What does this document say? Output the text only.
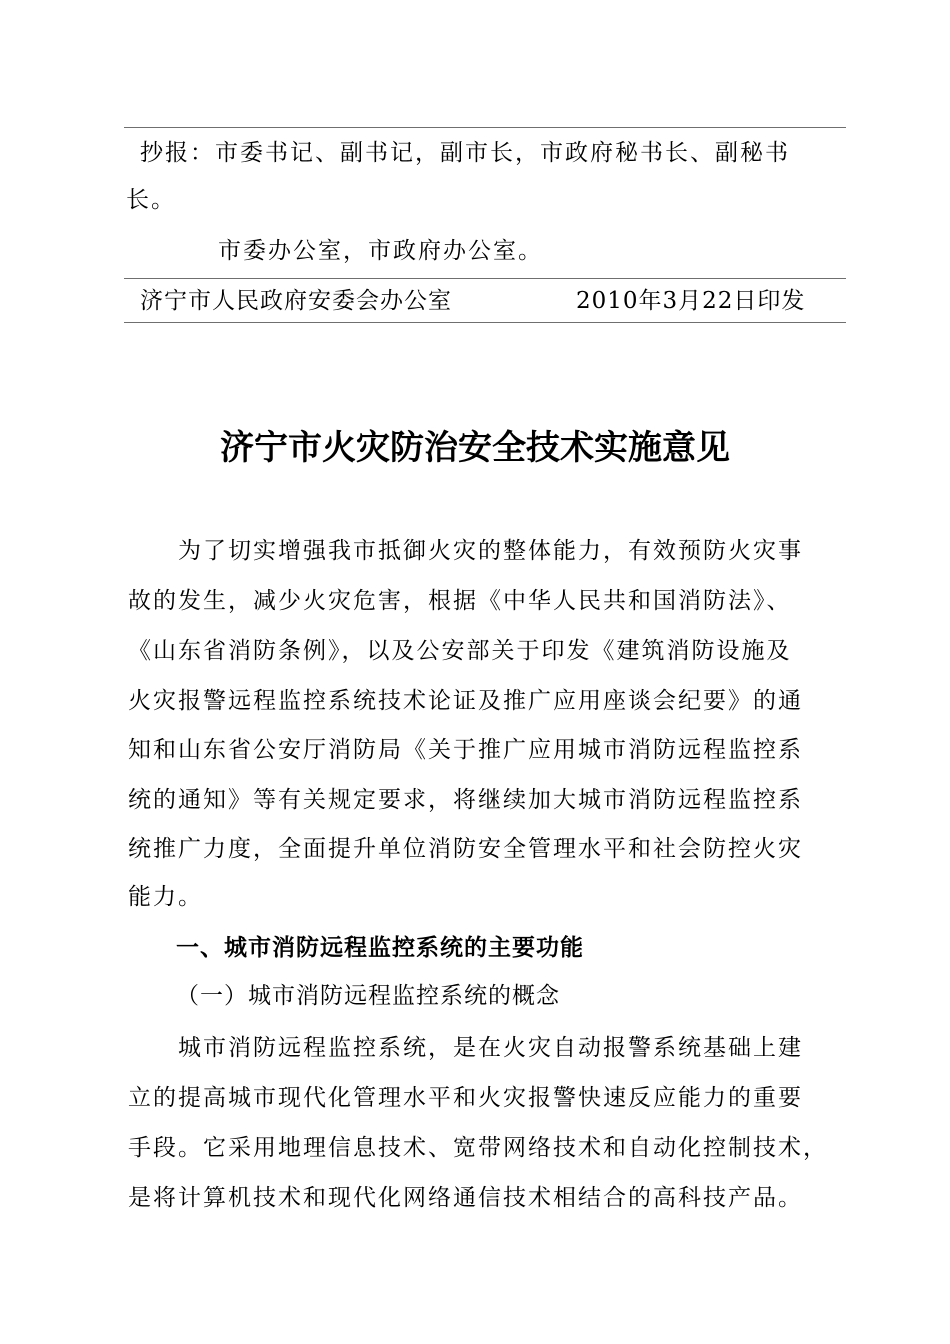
抄报：市委书记、副书记，副市长，市政府秘书长、副秘书
长。
市委办公室，市政府办公室。
济宁市人民政府安委会办公室	2010年3月22日印发
济宁市火灾防治安全技术实施意见
为了切实增强我市抵御火灾的整体能力，有效预防火灾事
故的发生，减少火灾危害，根据《中华人民共和国消防法》、
《山东省消防条例》，以及公安部关于印发《建筑消防设施及
火灾报警远程监控系统技术论证及推广应用座谈会纪要》的通
知和山东省公安厅消防局《关于推广应用城市消防远程监控系
统的通知》等有关规定要求，将继续加大城市消防远程监控系
统推广力度，全面提升单位消防安全管理水平和社会防控火灾
能力。
一、城市消防远程监控系统的主要功能
（一）城市消防远程监控系统的概念
城市消防远程监控系统，是在火灾自动报警系统基础上建
立的提高城市现代化管理水平和火灾报警快速反应能力的重要
手段。它采用地理信息技术、宽带网络技术和自动化控制技术，
是将计算机技术和现代化网络通信技术相结合的高科技产品。
